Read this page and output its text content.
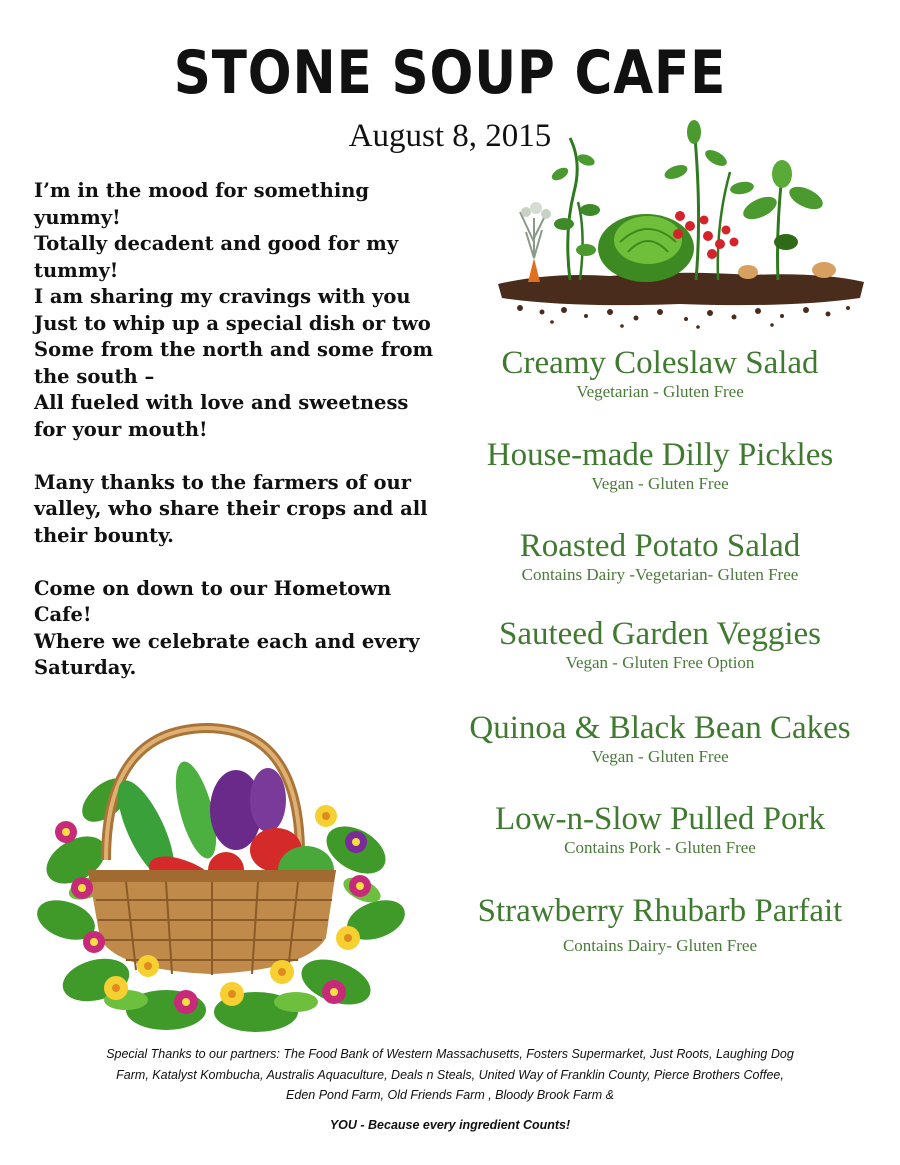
STONE SOUP CAFE
August 8, 2015

I’m in the mood for something
yummy!
Totally decadent and good for my
tummy!
I am sharing my cravings with you
Just to whip up a special dish or two
Some from the north and some from
the south –
All fueled with love and sweetness
for your mouth!

Many thanks to the farmers of our
valley, who share their crops and all
their bounty.

Come on down to our Hometown
Cafe!
Where we celebrate each and every
Saturday.

Creamy Coleslaw Salad
Vegetarian - Gluten Free
House-made Dilly Pickles
Vegan - Gluten Free
Roasted Potato Salad
Contains Dairy -Vegetarian- Gluten Free
Sauteed Garden Veggies
Vegan - Gluten Free Option
Quinoa & Black Bean Cakes
Vegan - Gluten Free
Low-n-Slow Pulled Pork
Contains Pork - Gluten Free
Strawberry Rhubarb Parfait
Contains Dairy- Gluten Free
Special Thanks to our partners: The Food Bank of Western Massachusetts, Fosters Supermarket, Just Roots, Laughing Dog
Farm, Katalyst Kombucha, Australis Aquaculture, Deals n Steals, United Way of Franklin County, Pierce Brothers Coffee,
Eden Pond Farm, Old Friends Farm , Bloody Brook Farm &
YOU - Because every ingredient Counts!
